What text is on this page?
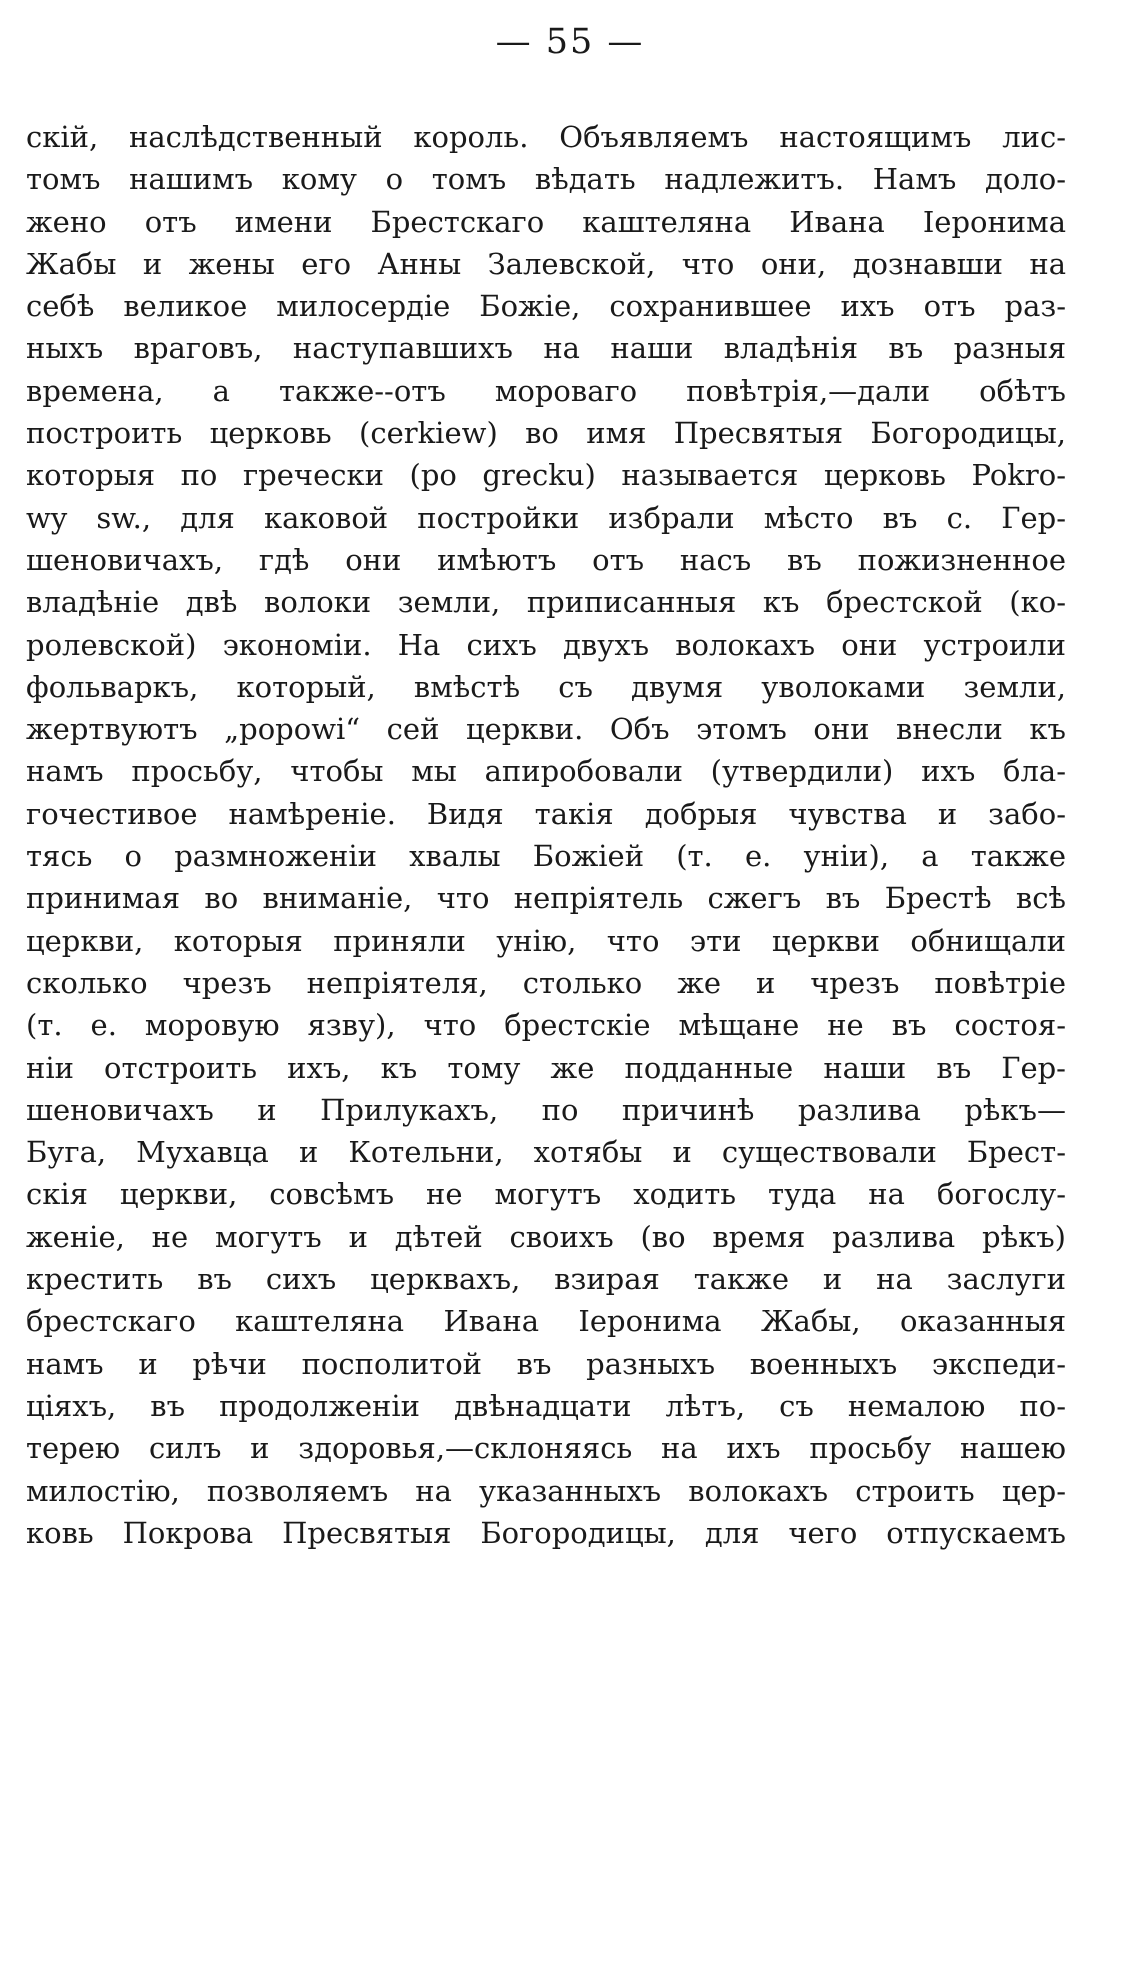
— 55 —
скій, наслѣдственный король. Объявляемъ настоящимъ лис-
томъ нашимъ кому о томъ вѣдать надлежитъ. Намъ доло-
жено отъ имени Брестскаго каштеляна Ивана Іеронима
Жабы и жены его Анны Залевской, что они, дознавши на
себѣ великое милосердіе Божіе, сохранившее ихъ отъ раз-
ныхъ враговъ, наступавшихъ на наши владѣнія въ разныя
времена, а также--отъ моровaго повѣтрія,—дали обѣтъ
построить церковь (cerkiew) во имя Пресвятыя Богородицы,
которыя по гречески (po grecku) называется церковь Pokro-
wy sw., для каковой постройки избрали мѣсто въ с. Гер-
шеновичахъ, гдѣ они имѣютъ отъ насъ въ пожизненное
владѣніе двѣ волоки земли, приписанныя къ брестской (ко-
ролевской) экономіи. На сихъ двухъ волокахъ они устроили
фольваркъ, который, вмѣстѣ съ двумя уволоками земли,
жертвуютъ „popowi“ сей церкви. Объ этомъ они внесли къ
намъ просьбу, чтобы мы апиробовали (утвердили) ихъ бла-
гочестивое намѣреніе. Видя такія добрыя чувства и забо-
тясь о размноженіи хвалы Божіей (т. е. уніи), а также
принимая во вниманіе, что непріятель сжегъ въ Брестѣ всѣ
церкви, которыя приняли унію, что эти церкви обнищали
сколько чрезъ непріятеля, столько же и чрезъ повѣтріе
(т. е. моровую язву), что брестскіе мѣщане не въ состоя-
ніи отстроить ихъ, къ тому же подданные наши въ Гер-
шеновичахъ и Прилукахъ, по причинѣ разлива рѣкъ—
Буга, Мухавца и Котельни, хотябы и существовали Брест-
скія церкви, совсѣмъ не могутъ ходить туда на богослу-
женіе, не могутъ и дѣтей своихъ (во время разлива рѣкъ)
крестить въ сихъ церквахъ, взирая также и на заслуги
брестскаго каштеляна Ивана Іеронима Жабы, оказанныя
намъ и рѣчи посполитой въ разныхъ военныхъ экспеди-
ціяхъ, въ продолженіи двѣнадцати лѣтъ, съ немалою по-
терею силъ и здоровья,—склоняясь на ихъ просьбу нашею
милостію, позволяемъ на указанныхъ волокахъ строить цер-
ковь Покрова Пресвятыя Богородицы, для чего отпускаемъ
